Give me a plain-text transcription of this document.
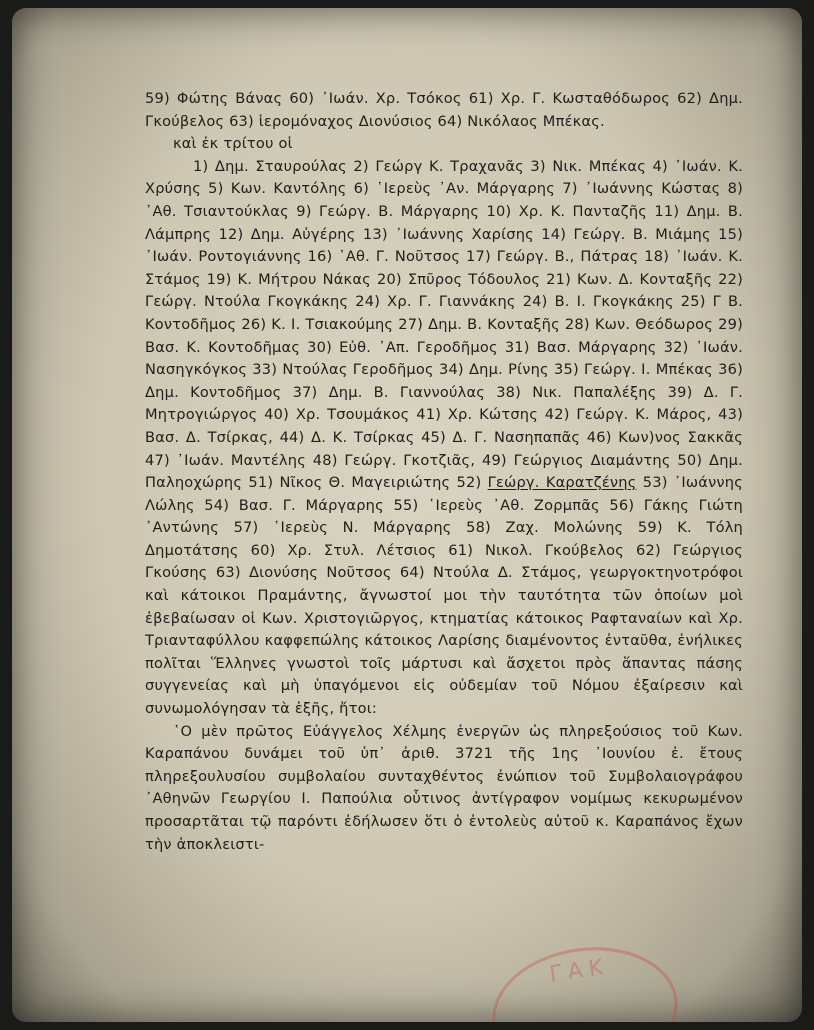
59) Φώτης Βάνας 60) ᾿Ιωάν. Χρ. Τσόκος 61) Χρ. Γ. Κωσταθόδωρος 62) Δημ. Γκούβελος 63) ἱερομόναχος Διονύσιος 64) Νικόλαος Μπέκας.

καὶ ἐκ τρίτου οἱ

1) Δημ. Σταυρούλας 2) Γεώργ Κ. Τραχανᾶς 3) Νικ. Μπέκας 4) ᾿Ιωάν. Κ. Χρύσης 5) Κων. Καντόλης 6) ῾Ιερεὺς ᾿Αν. Μάργαρης 7) ᾿Ιωάννης Κώστας 8) ᾿Αθ. Τσιαντούκλας 9) Γεώργ. Β. Μάργαρης 10) Χρ. Κ. Πανταζῆς 11) Δημ. Β. Λάμπρης 12) Δημ. Αὐγέρης 13) ᾿Ιωάννης Χαρίσης 14) Γεώργ. Β. Μιάμης 15) ᾿Ιωάν. Ροντογιάννης 16) ᾿Αθ. Γ. Νοῦτσος 17) Γεώργ. Β., Πάτρας 18) ᾿Ιωάν. Κ. Στάμος 19) Κ. Μήτρου Νάκας 20) Σπῦρος Τόδουλος 21) Κων. Δ. Κονταξῆς 22) Γεώργ. Ντούλα Γκογκάκης 24) Χρ. Γ. Γιαννάκης 24) Β. Ι. Γκογκάκης 25) Γ Β. Κοντοδῆμος 26) Κ. Ι. Τσιακούμης 27) Δημ. Β. Κονταξῆς 28) Κων. Θεόδωρος 29) Βασ. Κ. Κοντοδῆμας 30) Εὐθ. ᾿Απ. Γεροδῆμος 31) Βασ. Μάργαρης 32) ᾿Ιωάν. Νασηγκόγκος 33) Ντούλας Γεροδῆμος 34) Δημ. Ρίνης 35) Γεώργ. Ι. Μπέκας 36) Δημ. Κοντοδῆμος 37) Δημ. Β. Γιαννούλας 38) Νικ. Παπαλέξης 39) Δ. Γ. Μητρογιώργος 40) Χρ. Τσουμάκος 41) Χρ. Κώτσης 42) Γεώργ. Κ. Μάρος, 43) Βασ. Δ. Τσίρκας, 44) Δ. Κ. Τσίρκας 45) Δ. Γ. Νασηπαπᾶς 46) Κων)νος Σακκᾶς 47) ᾿Ιωάν. Μαντέλης 48) Γεώργ. Γκοτζιᾶς, 49) Γεώργιος Διαμάντης 50) Δημ. Παληοχώρης 51) Νῖκος Θ. Μαγειριώτης 52) Γεώργ. Καρατζένης 53) ᾿Ιωάννης Λώλης 54) Βασ. Γ. Μάργαρης 55) ῾Ιερεὺς ᾿Αθ. Ζορμπᾶς 56) Γάκης Γιώτη ᾿Αντώνης 57) ῾Ιερεὺς Ν. Μάργαρης 58) Ζαχ. Μολώνης 59) Κ. Τόλη Δημοτάτσης 60) Χρ. Στυλ. Λέτσιος 61) Νικολ. Γκούβελος 62) Γεώργιος Γκούσης 63) Διονύσης Νοῦτσος 64) Ντούλα Δ. Στάμος, γεωργοκτηνοτρόφοι καὶ κάτοικοι Πραμάντης, ἄγνωστοί μοι τὴν ταυτότητα τῶν ὁποίων μοὶ ἐβεβαίωσαν οἱ Κων. Χριστογιῶργος, κτηματίας κάτοικος Ραφταναίων καὶ Χρ. Τριανταφύλλου καφφεπώλης κάτοικος Λαρίσης διαμένοντος ἐνταῦθα, ἐνήλικες πολῖται Ἕλληνες γνωστοὶ τοῖς μάρτυσι καὶ ἄσχετοι πρὸς ἅπαντας πάσης συγγενείας καὶ μὴ ὑπαγόμενοι εἰς οὐδεμίαν τοῦ Νόμου ἐξαίρεσιν καὶ συνωμολόγησαν τὰ ἑξῆς, ἤτοι:

῾Ο μὲν πρῶτος Εὐάγγελος Χέλμης ἐνεργῶν ὡς πληρεξούσιος τοῦ Κων. Καραπάνου δυνάμει τοῦ ὑπ᾿ ἀριθ. 3721 τῆς 1ης ᾿Ιουνίου ἐ. ἔτους πληρεξουλυσίου συμβολαίου συνταχθέντος ἐνώπιον τοῦ Συμβολαιογράφου ᾿Αθηνῶν Γεωργίου Ι. Παπούλια οὗτινος ἀντίγραφον νομίμως κεκυρωμένον προσαρτᾶται τῷ παρόντι ἐδήλωσεν ὅτι ὁ ἐντολεὺς αὐτοῦ κ. Καραπάνος ἔχων τὴν ἀποκλειστι-

ΓΑΚ
